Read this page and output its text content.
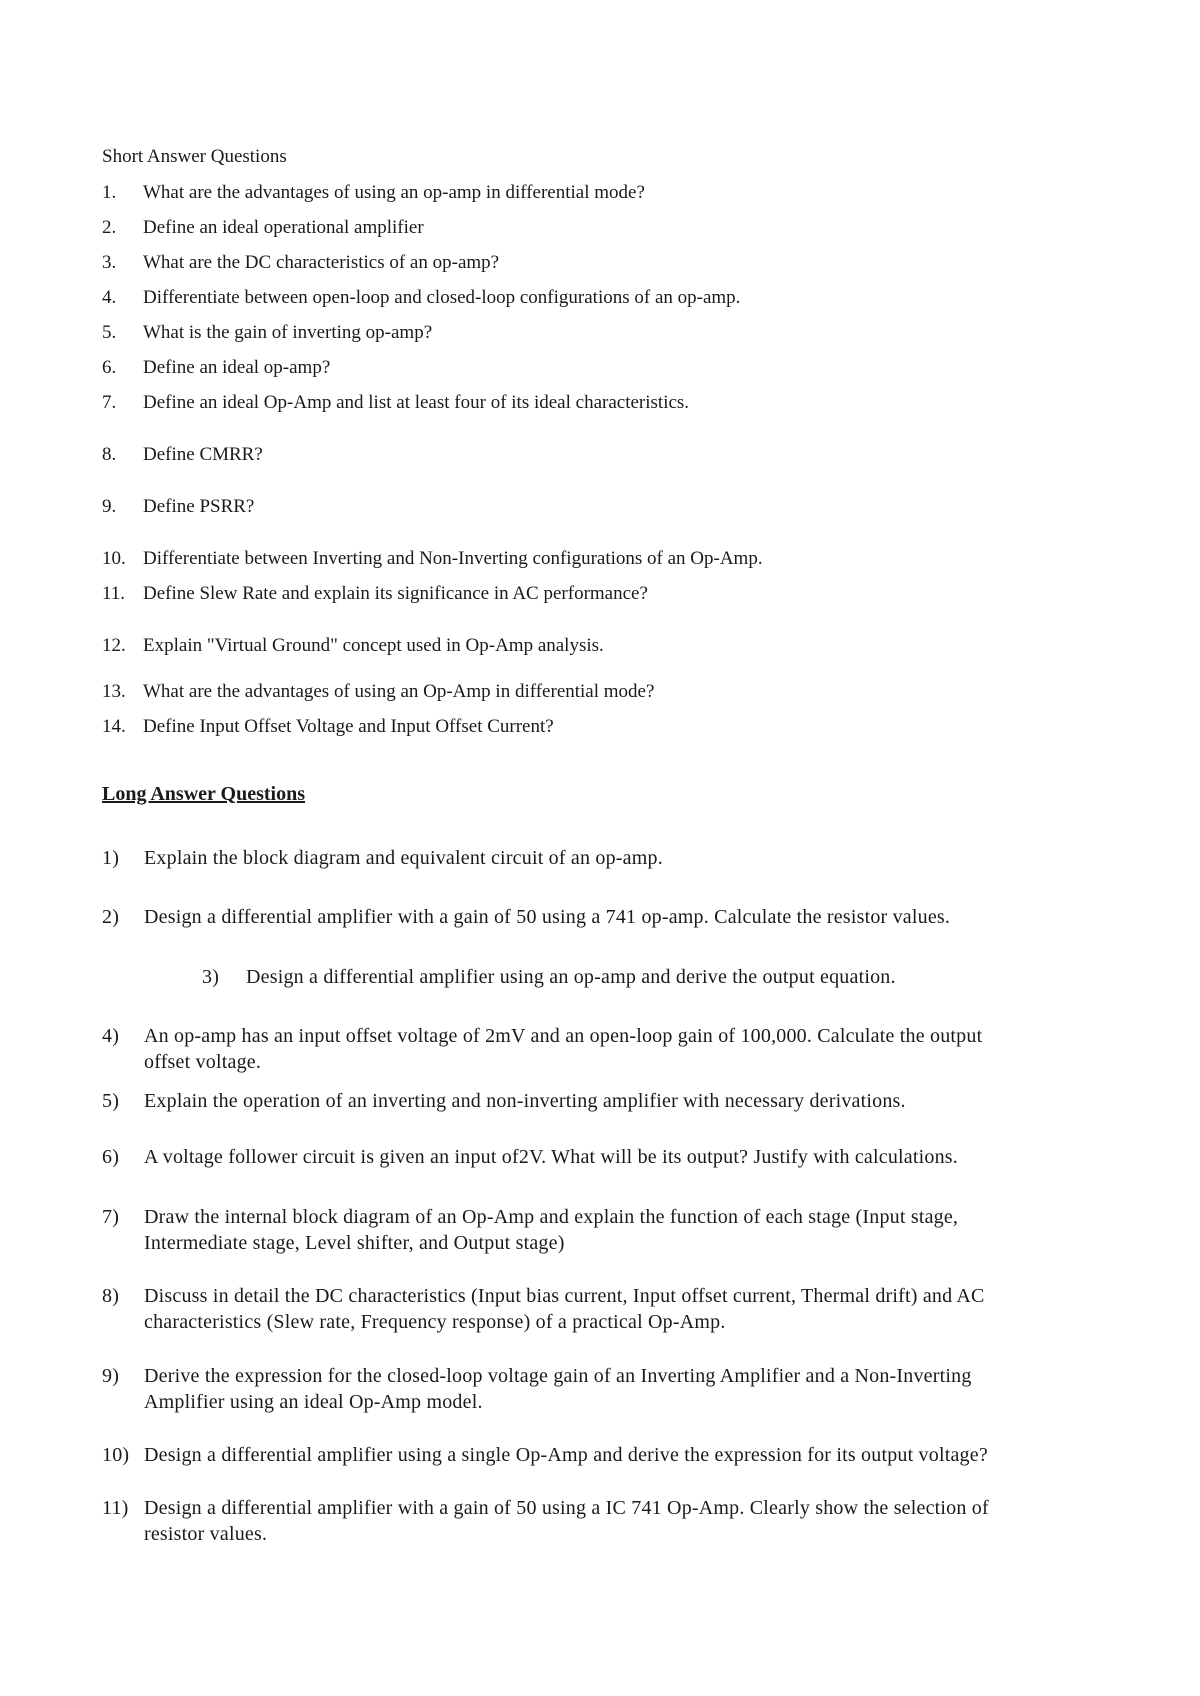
Short Answer Questions
1. What are the advantages of using an op-amp in differential mode?
2. Define an ideal operational amplifier
3. What are the DC characteristics of an op-amp?
4. Differentiate between open-loop and closed-loop configurations of an op-amp.
5. What is the gain of inverting op-amp?
6. Define an ideal op-amp?
7. Define an ideal Op-Amp and list at least four of its ideal characteristics.
8. Define CMRR?
9. Define PSRR?
10. Differentiate between Inverting and Non-Inverting configurations of an Op-Amp.
11. Define Slew Rate and explain its significance in AC performance?
12. Explain "Virtual Ground" concept used in Op-Amp analysis.
13. What are the advantages of using an Op-Amp in differential mode?
14. Define Input Offset Voltage and Input Offset Current?
Long Answer Questions
1) Explain the block diagram and equivalent circuit of an op-amp.
2) Design a differential amplifier with a gain of 50 using a 741 op-amp. Calculate the resistor values.
3) Design a differential amplifier using an op-amp and derive the output equation.
4) An op-amp has an input offset voltage of 2mV and an open-loop gain of 100,000. Calculate the output
offset voltage.
5) Explain the operation of an inverting and non-inverting amplifier with necessary derivations.
6) A voltage follower circuit is given an input of2V. What will be its output? Justify with calculations.
7) Draw the internal block diagram of an Op-Amp and explain the function of each stage (Input stage,
Intermediate stage, Level shifter, and Output stage)
8) Discuss in detail the DC characteristics (Input bias current, Input offset current, Thermal drift) and AC
characteristics (Slew rate, Frequency response) of a practical Op-Amp.
9) Derive the expression for the closed-loop voltage gain of an Inverting Amplifier and a Non-Inverting
Amplifier using an ideal Op-Amp model.
10) Design a differential amplifier using a single Op-Amp and derive the expression for its output voltage?
11) Design a differential amplifier with a gain of 50 using a IC 741 Op-Amp. Clearly show the selection of
resistor values.
